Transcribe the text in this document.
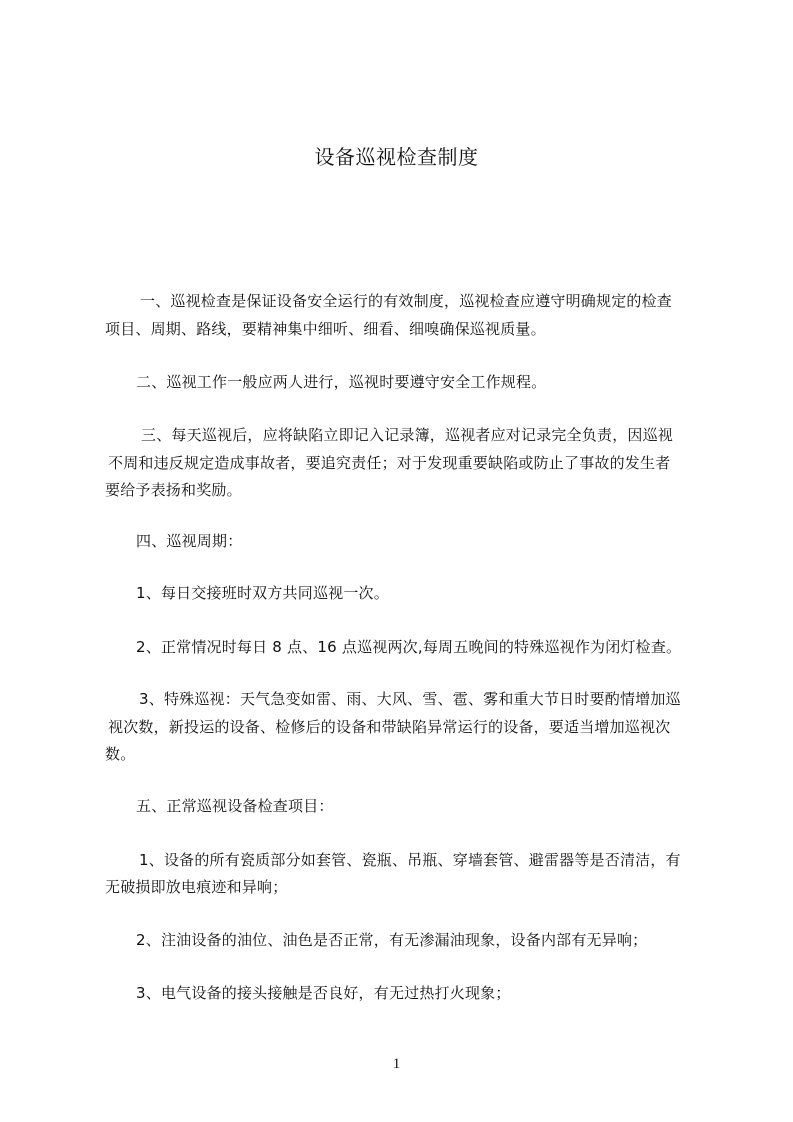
设备巡视检查制度
一、巡视检查是保证设备安全运行的有效制度，巡视检查应遵守明确规定的检查
项目、周期、路线，要精神集中细听、细看、细嗅确保巡视质量。
二、巡视工作一般应两人进行，巡视时要遵守安全工作规程。
三、每天巡视后，应将缺陷立即记入记录簿，巡视者应对记录完全负责，因巡视
不周和违反规定造成事故者，要追究责任；对于发现重要缺陷或防止了事故的发生者
要给予表扬和奖励。
四、巡视周期：
1、每日交接班时双方共同巡视一次。
2、正常情况时每日 8 点、16 点巡视两次,每周五晚间的特殊巡视作为闭灯检查。
3、特殊巡视：天气急变如雷、雨、大风、雪、雹、雾和重大节日时要酌情增加巡
视次数，新投运的设备、检修后的设备和带缺陷异常运行的设备，要适当增加巡视次
数。
五、正常巡视设备检查项目：
1、设备的所有瓷质部分如套管、瓷瓶、吊瓶、穿墙套管、避雷器等是否清洁，有
无破损即放电痕迹和异响；
2、注油设备的油位、油色是否正常，有无渗漏油现象，设备内部有无异响；
3、电气设备的接头接触是否良好，有无过热打火现象；
1
